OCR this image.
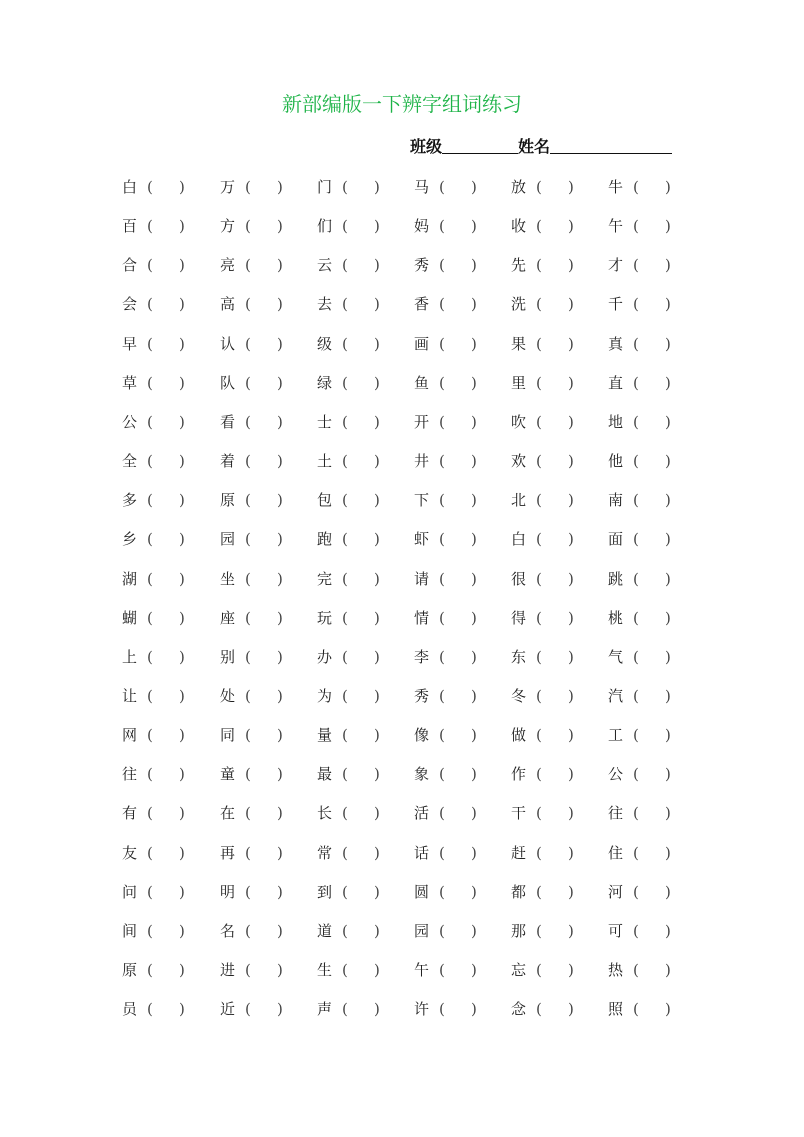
新部编版一下辨字组词练习
班级	姓名
白 ( ) 万 ( ) 门 ( ) 马 ( ) 放 ( ) 牛 ( )
百 ( ) 方 ( ) 们 ( ) 妈 ( ) 收 ( ) 午 ( )
合 ( ) 亮 ( ) 云 ( ) 秀 ( ) 先 ( ) 才 ( )
会 ( ) 高 ( ) 去 ( ) 香 ( ) 洗 ( ) 千 ( )
早 ( ) 认 ( ) 级 ( ) 画 ( ) 果 ( ) 真 ( )
草 ( ) 队 ( ) 绿 ( ) 鱼 ( ) 里 ( ) 直 ( )
公 ( ) 看 ( ) 士 ( ) 开 ( ) 吹 ( ) 地 ( )
全 ( ) 着 ( ) 土 ( ) 井 ( ) 欢 ( ) 他 ( )
多 ( ) 原 ( ) 包 ( ) 下 ( ) 北 ( ) 南 ( )
乡 ( ) 园 ( ) 跑 ( ) 虾 ( ) 白 ( ) 面 ( )
湖 ( ) 坐 ( ) 完 ( ) 请 ( ) 很 ( ) 跳 ( )
蝴 ( ) 座 ( ) 玩 ( ) 情 ( ) 得 ( ) 桃 ( )
上 ( ) 别 ( ) 办 ( ) 李 ( ) 东 ( ) 气 ( )
让 ( ) 处 ( ) 为 ( ) 秀 ( ) 冬 ( ) 汽 ( )
网 ( ) 同 ( ) 量 ( ) 像 ( ) 做 ( ) 工 ( )
往 ( ) 童 ( ) 最 ( ) 象 ( ) 作 ( ) 公 ( )
有 ( ) 在 ( ) 长 ( ) 活 ( ) 干 ( ) 往 ( )
友 ( ) 再 ( ) 常 ( ) 话 ( ) 赶 ( ) 住 ( )
问 ( ) 明 ( ) 到 ( ) 圆 ( ) 都 ( ) 河 ( )
间 ( ) 名 ( ) 道 ( ) 园 ( ) 那 ( ) 可 ( )
原 ( ) 进 ( ) 生 ( ) 午 ( ) 忘 ( ) 热 ( )
员 ( ) 近 ( ) 声 ( ) 许 ( ) 念 ( ) 照 ( )
